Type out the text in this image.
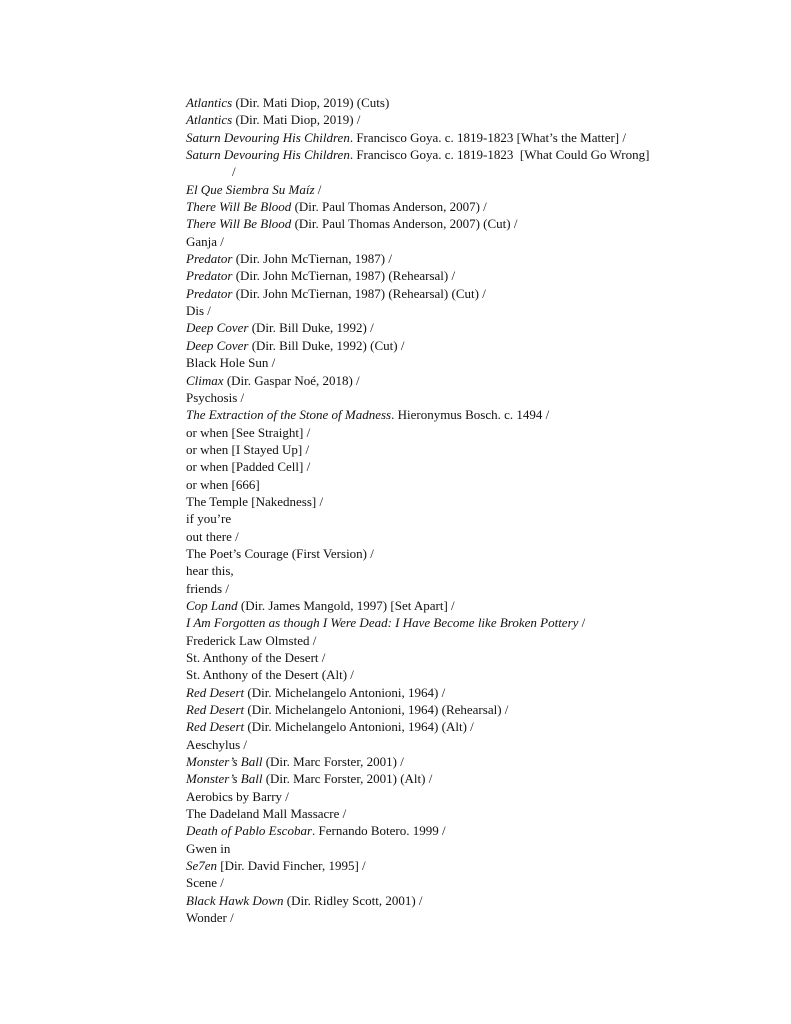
Atlantics (Dir. Mati Diop, 2019) (Cuts)
Atlantics (Dir. Mati Diop, 2019) /
Saturn Devouring His Children. Francisco Goya. c. 1819-1823 [What’s the Matter] /
Saturn Devouring His Children. Francisco Goya. c. 1819-1823  [What Could Go Wrong]
/
El Que Siembra Su Maíz /
There Will Be Blood (Dir. Paul Thomas Anderson, 2007) /
There Will Be Blood (Dir. Paul Thomas Anderson, 2007) (Cut) /
Ganja /
Predator (Dir. John McTiernan, 1987) /
Predator (Dir. John McTiernan, 1987) (Rehearsal) /
Predator (Dir. John McTiernan, 1987) (Rehearsal) (Cut) /
Dis /
Deep Cover (Dir. Bill Duke, 1992) /
Deep Cover (Dir. Bill Duke, 1992) (Cut) /
Black Hole Sun /
Climax (Dir. Gaspar Noé, 2018) /
Psychosis /
The Extraction of the Stone of Madness. Hieronymus Bosch. c. 1494 /
or when [See Straight] /
or when [I Stayed Up] /
or when [Padded Cell] /
or when [666]
The Temple [Nakedness] /
if you’re
out there /
The Poet’s Courage (First Version) /
hear this,
friends /
Cop Land (Dir. James Mangold, 1997) [Set Apart] /
I Am Forgotten as though I Were Dead: I Have Become like Broken Pottery /
Frederick Law Olmsted /
St. Anthony of the Desert /
St. Anthony of the Desert (Alt) /
Red Desert (Dir. Michelangelo Antonioni, 1964) /
Red Desert (Dir. Michelangelo Antonioni, 1964) (Rehearsal) /
Red Desert (Dir. Michelangelo Antonioni, 1964) (Alt) /
Aeschylus /
Monster’s Ball (Dir. Marc Forster, 2001) /
Monster’s Ball (Dir. Marc Forster, 2001) (Alt) /
Aerobics by Barry /
The Dadeland Mall Massacre /
Death of Pablo Escobar. Fernando Botero. 1999 /
Gwen in
Se7en [Dir. David Fincher, 1995] /
Scene /
Black Hawk Down (Dir. Ridley Scott, 2001) /
Wonder /
